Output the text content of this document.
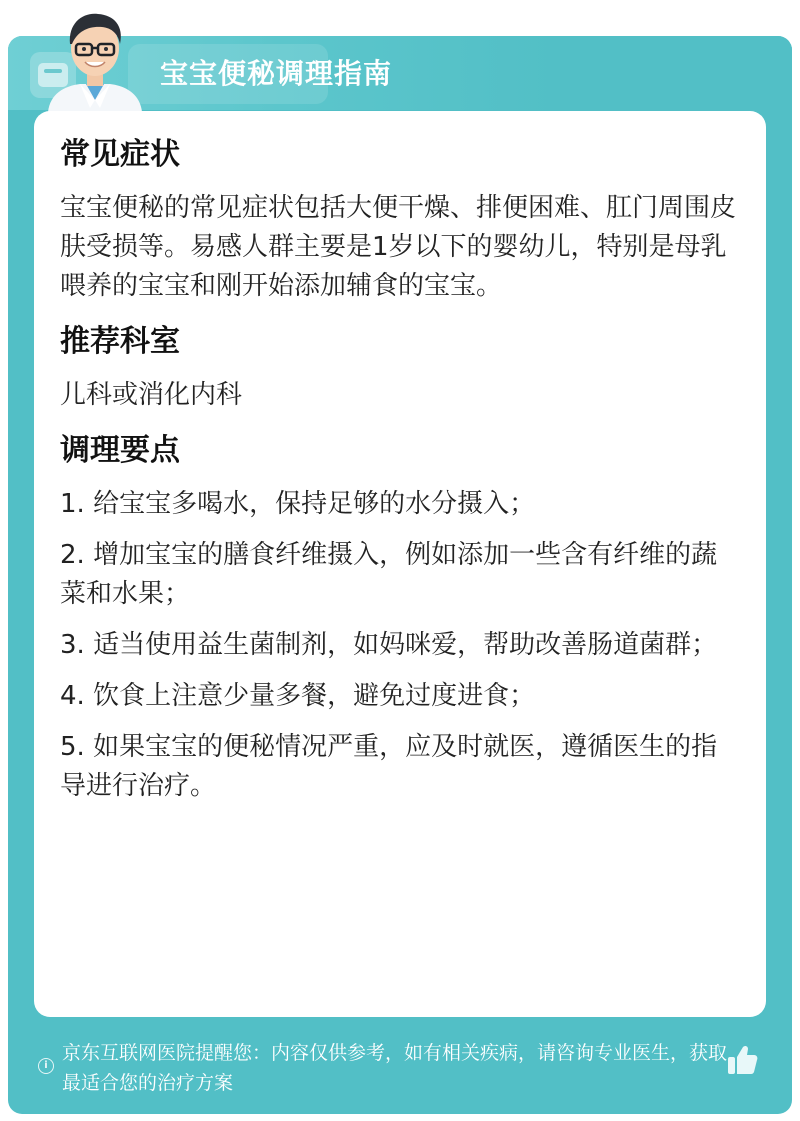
宝宝便秘调理指南
i
京东互联网医院提醒您：内容仅供参考，如有相关疾病，请咨询专业医生，获取最适合您的治疗方案
常见症状
宝宝便秘的常见症状包括大便干燥、排便困难、肛门周围皮肤受损等。易感人群主要是1岁以下的婴幼儿，特别是母乳喂养的宝宝和刚开始添加辅食的宝宝。
推荐科室
儿科或消化内科
调理要点
1. 给宝宝多喝水，保持足够的水分摄入；
2. 增加宝宝的膳食纤维摄入，例如添加一些含有纤维的蔬菜和水果；
3. 适当使用益生菌制剂，如妈咪爱，帮助改善肠道菌群；
4. 饮食上注意少量多餐，避免过度进食；
5. 如果宝宝的便秘情况严重，应及时就医，遵循医生的指导进行治疗。
